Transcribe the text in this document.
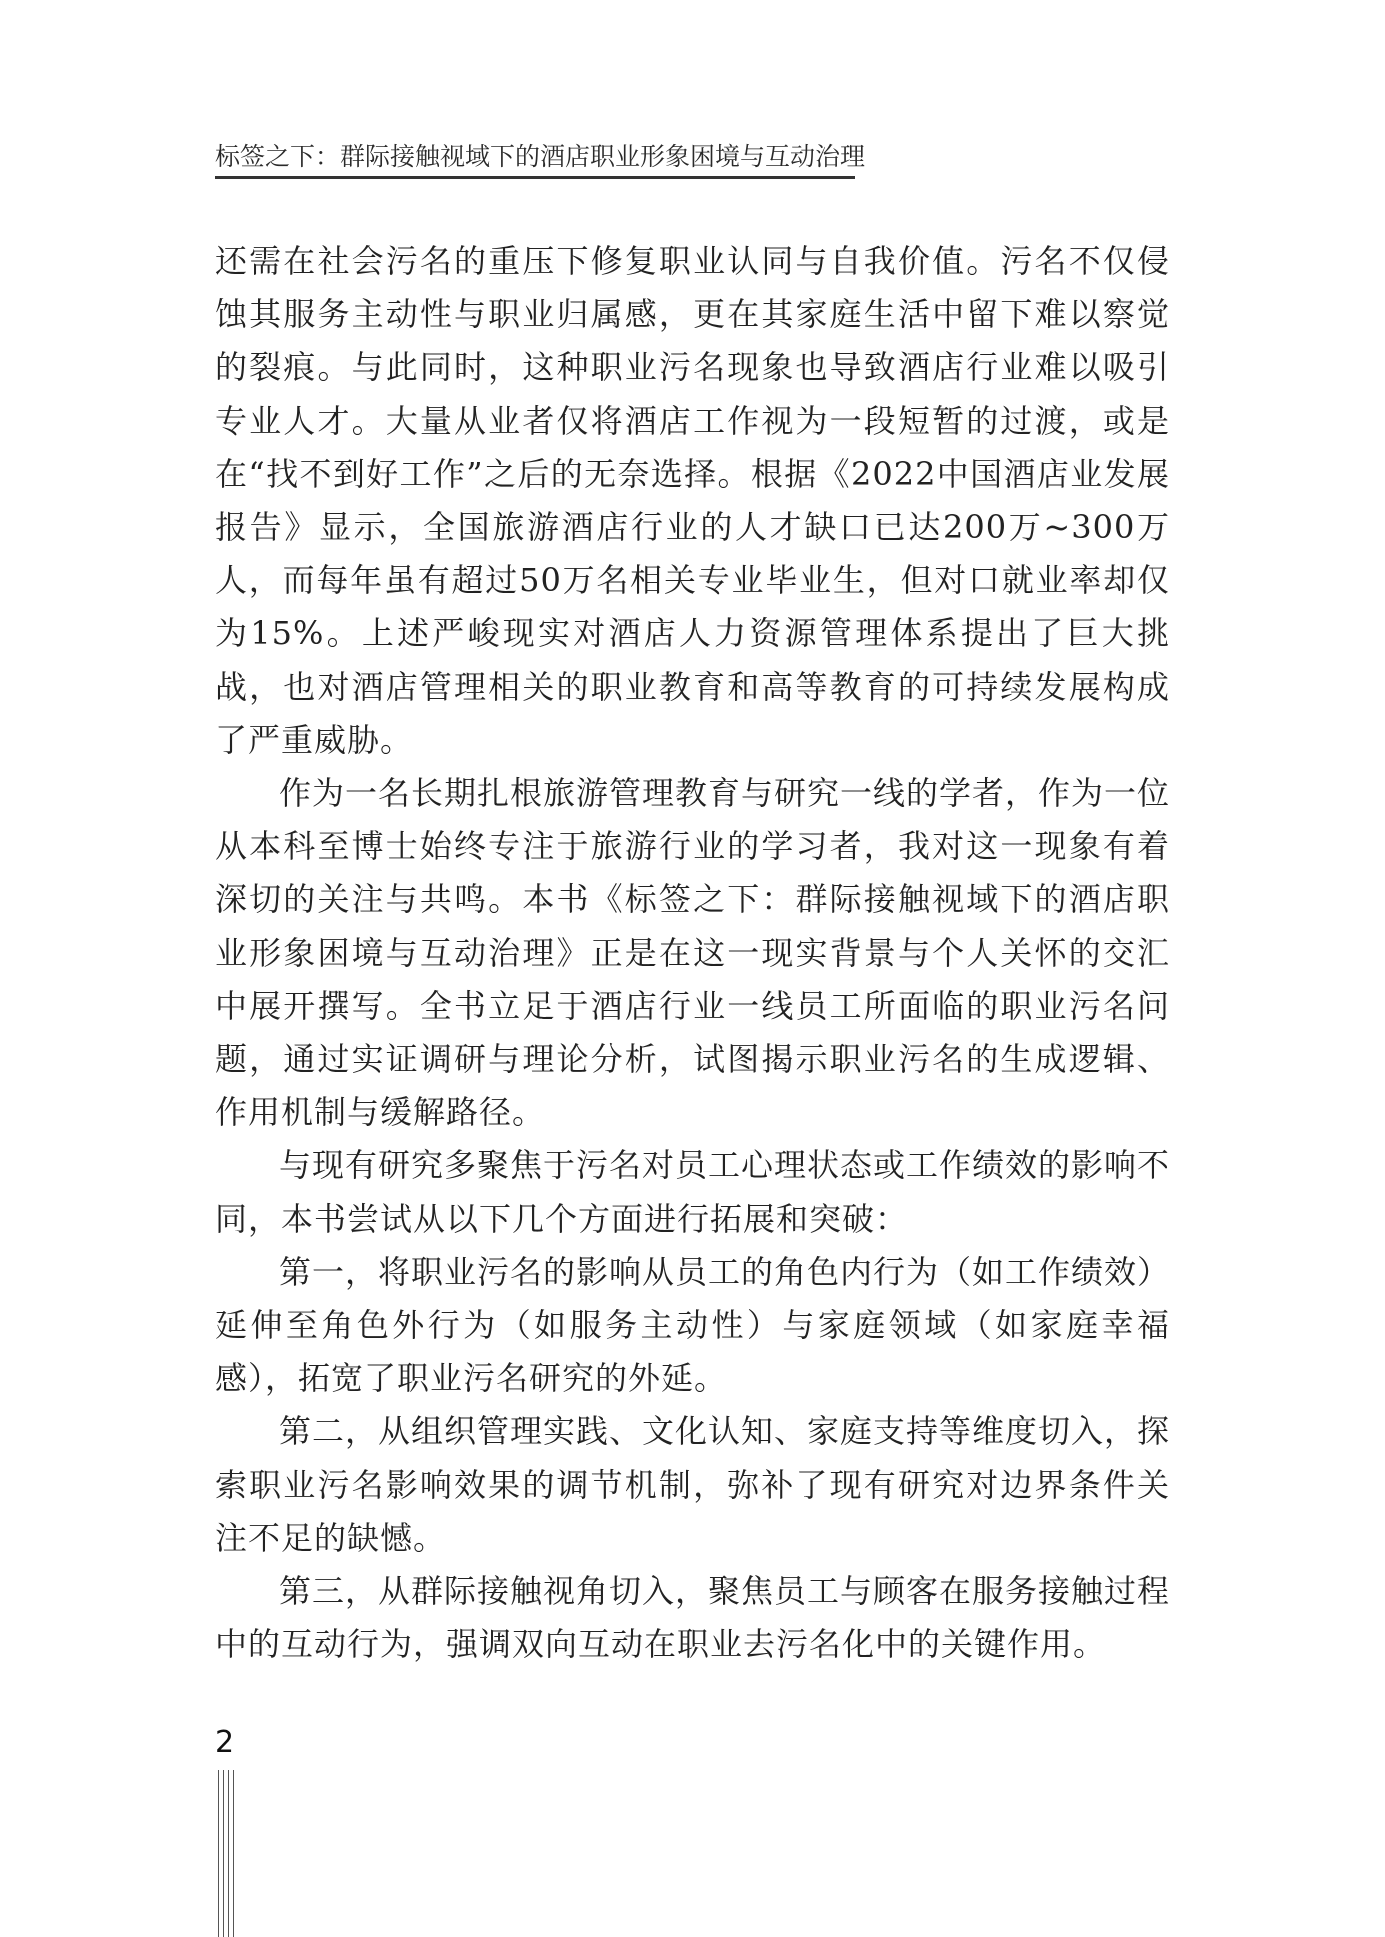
标签之下：群际接触视域下的酒店职业形象困境与互动治理

还需在社会污名的重压下修复职业认同与自我价值。污名不仅侵蚀其服务主动性与职业归属感，更在其家庭生活中留下难以察觉的裂痕。与此同时，这种职业污名现象也导致酒店行业难以吸引专业人才。大量从业者仅将酒店工作视为一段短暂的过渡，或是在“找不到好工作”之后的无奈选择。根据《2022中国酒店业发展报告》显示，全国旅游酒店行业的人才缺口已达200万~300万人，而每年虽有超过50万名相关专业毕业生，但对口就业率却仅为15%。上述严峻现实对酒店人力资源管理体系提出了巨大挑战，也对酒店管理相关的职业教育和高等教育的可持续发展构成了严重威胁。

作为一名长期扎根旅游管理教育与研究一线的学者，作为一位从本科至博士始终专注于旅游行业的学习者，我对这一现象有着深切的关注与共鸣。本书《标签之下：群际接触视域下的酒店职业形象困境与互动治理》正是在这一现实背景与个人关怀的交汇中展开撰写。全书立足于酒店行业一线员工所面临的职业污名问题，通过实证调研与理论分析，试图揭示职业污名的生成逻辑、作用机制与缓解路径。

与现有研究多聚焦于污名对员工心理状态或工作绩效的影响不同，本书尝试从以下几个方面进行拓展和突破：

第一，将职业污名的影响从员工的角色内行为（如工作绩效）延伸至角色外行为（如服务主动性）与家庭领域（如家庭幸福感），拓宽了职业污名研究的外延。

第二，从组织管理实践、文化认知、家庭支持等维度切入，探索职业污名影响效果的调节机制，弥补了现有研究对边界条件关注不足的缺憾。

第三，从群际接触视角切入，聚焦员工与顾客在服务接触过程中的互动行为，强调双向互动在职业去污名化中的关键作用。

2
